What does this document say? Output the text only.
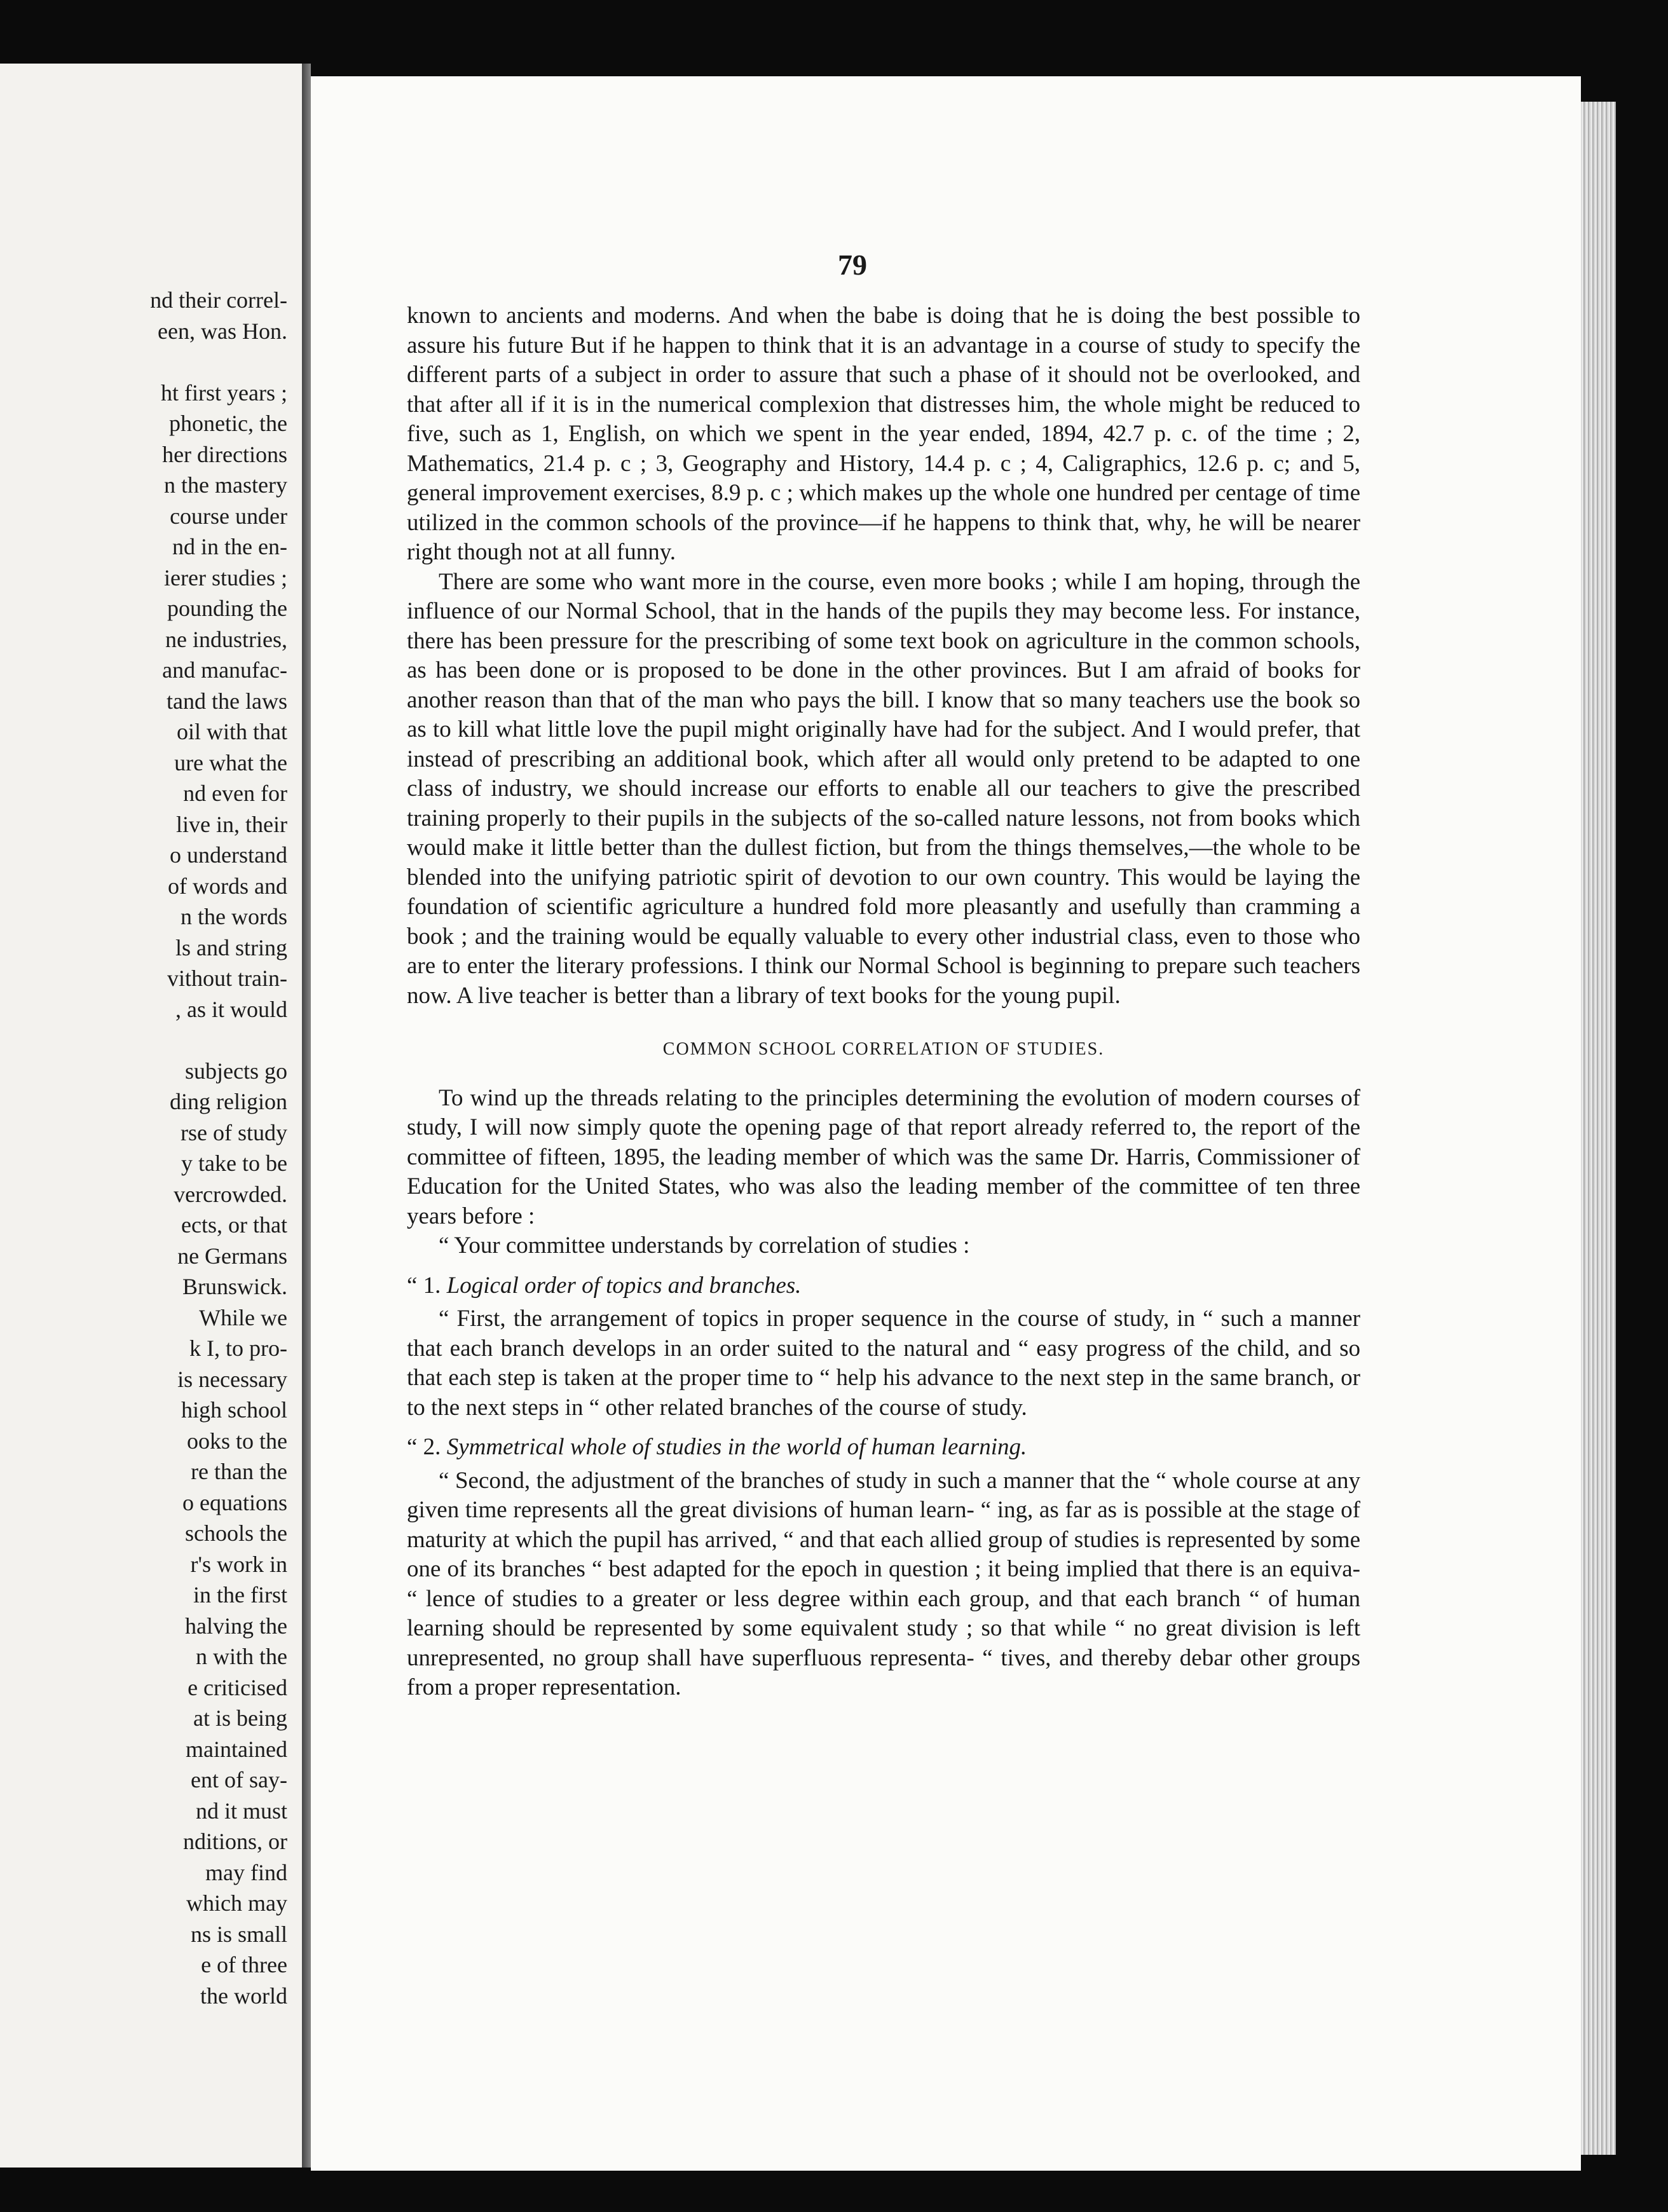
nd their correl-
een, was Hon.
ht first years ;
phonetic, the
her directions
n the mastery
course under
nd in the en-
ierer studies ;
pounding the
ne industries,
and manufac-
tand the laws
oil with that
ure what the
nd even for
live in, their
o understand
of words and
n the words
ls and string
vithout train-
, as it would
subjects go
ding religion
rse of study
y take to be
vercrowded.
ects, or that
ne Germans
Brunswick.
While we
k I, to pro-
is necessary
high school
ooks to the
re than the
o equations
schools the
r's work in
in the first
halving the
n with the
e criticised
at is being
maintained
ent of say-
nd it must
nditions, or
may find
which may
ns is small
e of three
the world
79

known to ancients and moderns. And when the babe is doing that he is doing the best possible to assure his future But if he happen to think that it is an advantage in a course of study to specify the different parts of a subject in order to assure that such a phase of it should not be overlooked, and that after all if it is in the numerical complexion that distresses him, the whole might be reduced to five, such as 1, English, on which we spent in the year ended, 1894, 42.7 p. c. of the time ; 2, Mathematics, 21.4 p. c ; 3, Geography and History, 14.4 p. c ; 4, Caligraphics, 12.6 p. c; and 5, general improvement exercises, 8.9 p. c ; which makes up the whole one hundred per centage of time utilized in the common schools of the province—if he happens to think that, why, he will be nearer right though not at all funny.

There are some who want more in the course, even more books ; while I am hoping, through the influence of our Normal School, that in the hands of the pupils they may become less. For instance, there has been pressure for the prescribing of some text book on agriculture in the common schools, as has been done or is proposed to be done in the other provinces. But I am afraid of books for another reason than that of the man who pays the bill. I know that so many teachers use the book so as to kill what little love the pupil might originally have had for the subject. And I would prefer, that instead of prescribing an additional book, which after all would only pretend to be adapted to one class of industry, we should increase our efforts to enable all our teachers to give the prescribed training properly to their pupils in the subjects of the so-called nature lessons, not from books which would make it little better than the dullest fiction, but from the things themselves,—the whole to be blended into the unifying patriotic spirit of devotion to our own country. This would be laying the foundation of scientific agriculture a hundred fold more pleasantly and usefully than cramming a book ; and the training would be equally valuable to every other industrial class, even to those who are to enter the literary professions. I think our Normal School is beginning to prepare such teachers now. A live teacher is better than a library of text books for the young pupil.

COMMON SCHOOL CORRELATION OF STUDIES.

To wind up the threads relating to the principles determining the evolution of modern courses of study, I will now simply quote the opening page of that report already referred to, the report of the committee of fifteen, 1895, the leading member of which was the same Dr. Harris, Commissioner of Education for the United States, who was also the leading member of the committee of ten three years before :

“ Your committee understands by correlation of studies :

“ 1. Logical order of topics and branches.

“ First, the arrangement of topics in proper sequence in the course of study, in “ such a manner that each branch develops in an order suited to the natural and “ easy progress of the child, and so that each step is taken at the proper time to “ help his advance to the next step in the same branch, or to the next steps in “ other related branches of the course of study.

“ 2. Symmetrical whole of studies in the world of human learning.

“ Second, the adjustment of the branches of study in such a manner that the “ whole course at any given time represents all the great divisions of human learn- “ ing, as far as is possible at the stage of maturity at which the pupil has arrived, “ and that each allied group of studies is represented by some one of its branches “ best adapted for the epoch in question ; it being implied that there is an equiva- “ lence of studies to a greater or less degree within each group, and that each branch “ of human learning should be represented by some equivalent study ; so that while “ no great division is left unrepresented, no group shall have superfluous representa- “ tives, and thereby debar other groups from a proper representation.
